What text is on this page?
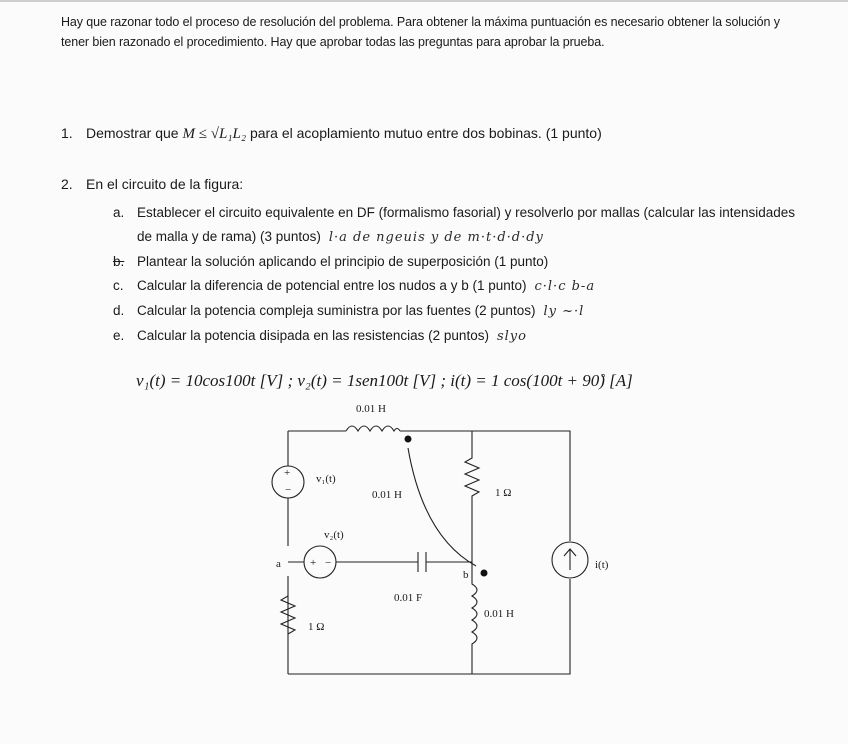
Hay que razonar todo el proceso de resolución del problema. Para obtener la máxima puntuación es necesario obtener la solución y tener bien razonado el procedimiento. Hay que aprobar todas las preguntas para aprobar la prueba.
1. Demostrar que M ≤ √L₁L₂ para el acoplamiento mutuo entre dos bobinas. (1 punto)
2. En el circuito de la figura:
a. Establecer el circuito equivalente en DF (formalismo fasorial) y resolverlo por mallas (calcular las intensidades de malla y de rama) (3 puntos) l·a de ngeuis y de m·t·d·d·dy
b. Plantear la solución aplicando el principio de superposición (1 punto)
c. Calcular la diferencia de potencial entre los nudos a y b (1 punto) c·l·c b-a
d. Calcular la potencia compleja suministra por las fuentes (2 puntos) ly ~·l
e. Calcular la potencia disipada en las resistencias (2 puntos) slyo
v₁(t) = 10cos100t [V] ; v₂(t) = 1sen100t [V] ; i(t) = 1 cos(100t + 90̊) [A]
+
−
+ −
0.01 H
v₁(t)
0.01 H	1 Ω
v₂(t)
a
b
0.01 F
0.01 H
1 Ω
i(t)
